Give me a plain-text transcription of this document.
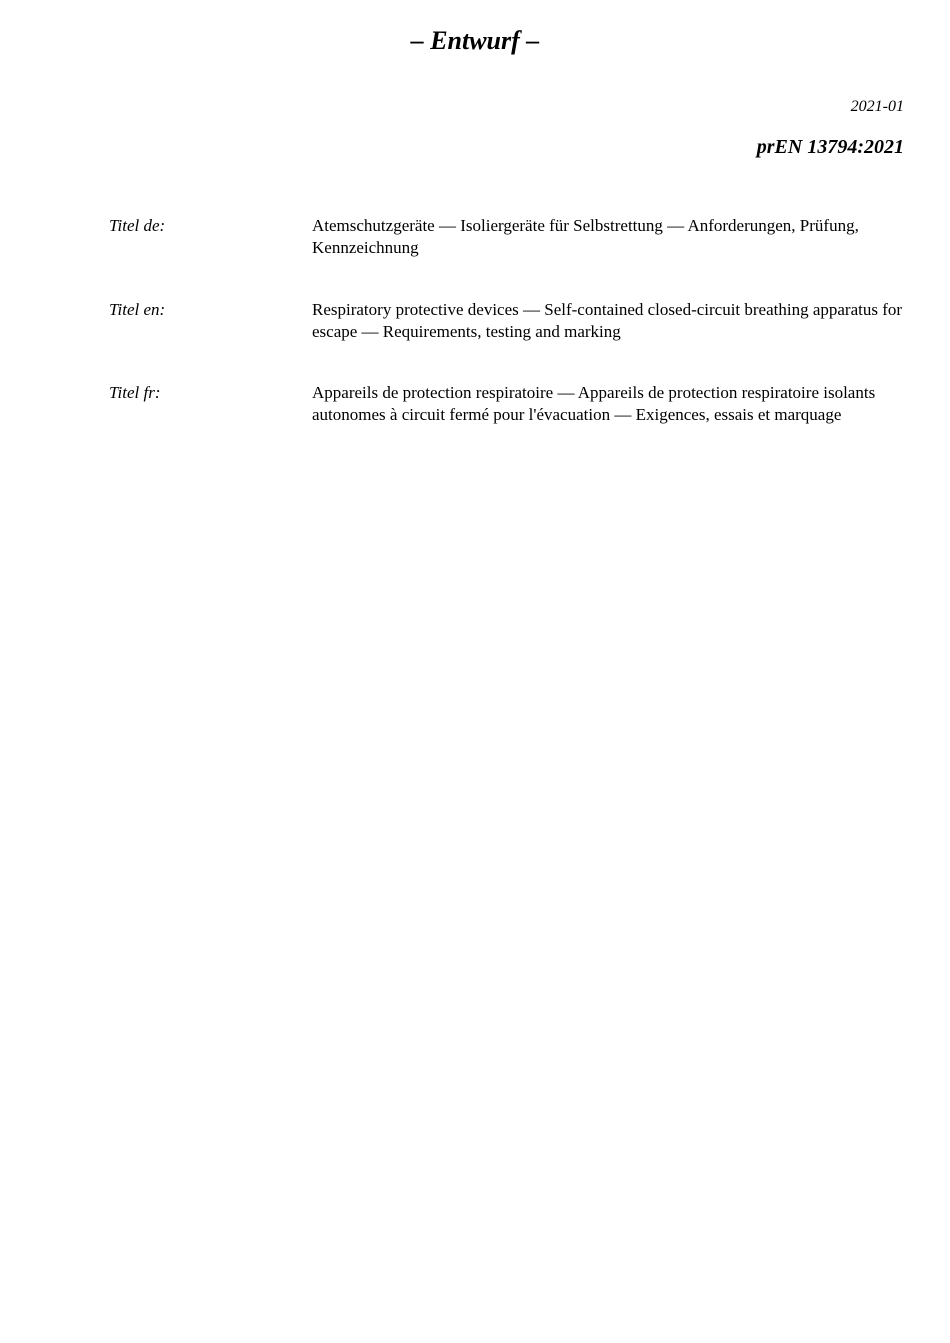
– Entwurf –
2021-01
prEN 13794:2021
Titel de:	Atemschutzgeräte — Isoliergeräte für Selbstrettung — Anforderungen, Prüfung, Kennzeichnung
Titel en:	Respiratory protective devices — Self-contained closed-circuit breathing apparatus for escape — Requirements, testing and marking
Titel fr:	Appareils de protection respiratoire — Appareils de protection respiratoire isolants autonomes à circuit fermé pour l'évacuation — Exigences, essais et marquage
